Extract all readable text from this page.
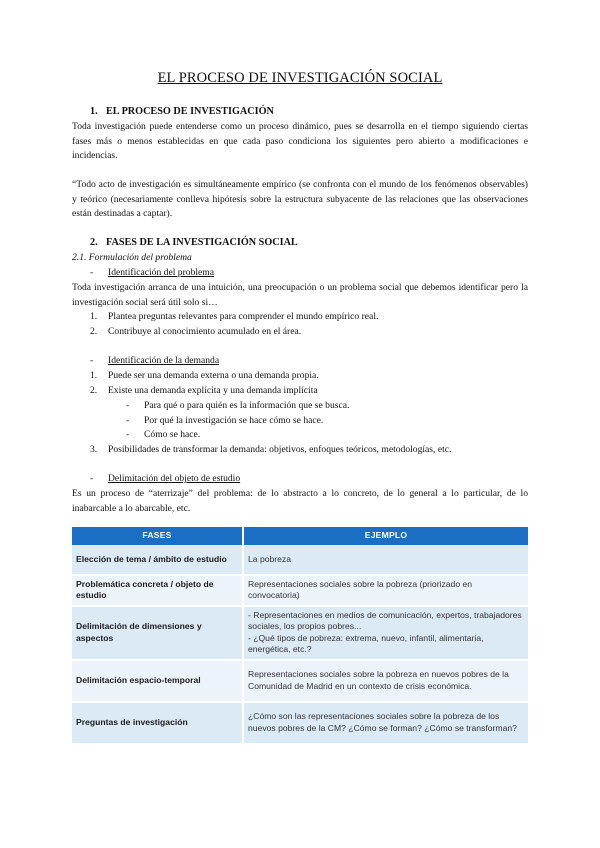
EL PROCESO DE INVESTIGACIÓN SOCIAL
1. EL PROCESO DE INVESTIGACIÓN
Toda investigación puede entenderse como un proceso dinámico, pues se desarrolla en el tiempo siguiendo ciertas fases más o menos establecidas en que cada paso condiciona los siguientes pero abierto a modificaciones e incidencias.
“Todo acto de investigación es simultáneamente empírico (se confronta con el mundo de los fenómenos observables) y teórico (necesariamente conlleva hipótesis sobre la estructura subyacente de las relaciones que las observaciones están destinadas a captar).
2. FASES DE LA INVESTIGACIÓN SOCIAL
2.1. Formulación del problema
- Identificación del problema
Toda investigación arranca de una intuición, una preocupación o un problema social que debemos identificar pero la investigación social será útil solo si…
1. Plantea preguntas relevantes para comprender el mundo empírico real.
2. Contribuye al conocimiento acumulado en el área.
- Identificación de la demanda
1. Puede ser una demanda externa o una demanda propia.
2. Existe una demanda explícita y una demanda implícita
- Para qué o para quién es la información que se busca.
- Por qué la investigación se hace cómo se hace.
- Cómo se hace.
3. Posibilidades de transformar la demanda: objetivos, enfoques teóricos, metodologías, etc.
- Delimitación del objeto de estudio
Es un proceso de “aterrizaje” del problema: de lo abstracto a lo concreto, de lo general a lo particular, de lo inabarcable a lo abarcable, etc.
FASES	EJEMPLO
Elección de tema / ámbito de estudio	La pobreza
Problemática concreta / objeto de estudio	Representaciones sociales sobre la pobreza (priorizado en convocatoria)
Delimitación de dimensiones y aspectos	- Representaciones en medios de comunicación, expertos, trabajadores sociales, los propios pobres...
- ¿Qué tipos de pobreza: extrema, nuevo, infantil, alimentaria, energética, etc.?

Delimitación espacio-temporal	Representaciones sociales sobre la pobreza en nuevos pobres de la Comunidad de Madrid en un contexto de crisis económica.
Preguntas de investigación	¿Cómo son las representaciones sociales sobre la pobreza de los nuevos pobres de la CM? ¿Cómo se forman? ¿Cómo se transforman?
